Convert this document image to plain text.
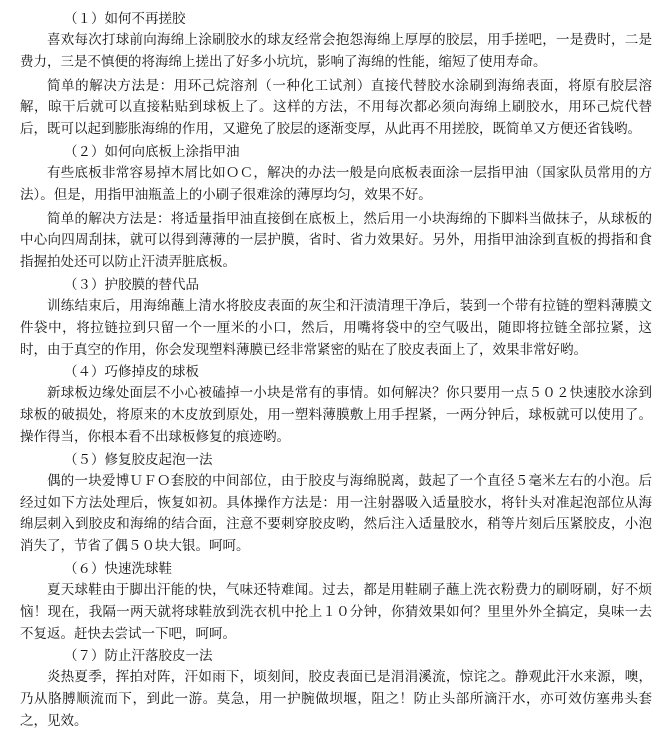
（１）如何不再搓胶

喜欢每次打球前向海绵上涂刷胶水的球友经常会抱怨海绵上厚厚的胶层，用手搓吧，一是费时，二是费力，三是不慎便的将海绵上搓出了好多小坑坑，影响了海绵的性能，缩短了使用寿命。

简单的解决方法是：用环己烷溶剂（一种化工试剂）直接代替胶水涂刷到海绵表面，将原有胶层溶解，晾干后就可以直接粘贴到球板上了。这样的方法，不用每次都必须向海绵上刷胶水，用环己烷代替后，既可以起到膨胀海绵的作用，又避免了胶层的逐渐变厚，从此再不用搓胶，既简单又方便还省钱哟。

（２）如何向底板上涂指甲油

有些底板非常容易掉木屑比如ＯＣ，解决的办法一般是向底板表面涂一层指甲油（国家队员常用的方法）。但是，用指甲油瓶盖上的小刷子很难涂的薄厚均匀，效果不好。

简单的解决方法是：将适量指甲油直接倒在底板上，然后用一小块海绵的下脚料当做抹子，从球板的中心向四周刮抹，就可以得到薄薄的一层护膜，省时、省力效果好。另外，用指甲油涂到直板的拇指和食指握拍处还可以防止汗渍弄脏底板。

（３）护胶膜的替代品

训练结束后，用海绵蘸上清水将胶皮表面的灰尘和汗渍清理干净后，装到一个带有拉链的塑料薄膜文件袋中，将拉链拉到只留一个一厘米的小口，然后，用嘴将袋中的空气吸出，随即将拉链全部拉紧，这时，由于真空的作用，你会发现塑料薄膜已经非常紧密的贴在了胶皮表面上了，效果非常好哟。

（４）巧修掉皮的球板

新球板边缘处面层不小心被磕掉一小块是常有的事情。如何解决？你只要用一点５０２快速胶水涂到球板的破损处，将原来的木皮放到原处，用一塑料薄膜敷上用手捏紧，一两分钟后，球板就可以使用了。操作得当，你根本看不出球板修复的痕迹哟。

（５）修复胶皮起泡一法

偶的一块爱博ＵＦＯ套胶的中间部位，由于胶皮与海绵脱离，鼓起了一个直径５毫米左右的小泡。后经过如下方法处理后，恢复如初。具体操作方法是：用一注射器吸入适量胶水，将针头对准起泡部位从海绵层刺入到胶皮和海绵的结合面，注意不要刺穿胶皮哟，然后注入适量胶水，稍等片刻后压紧胶皮，小泡消失了，节省了偶５０块大银。呵呵。

（６）快速洗球鞋

夏天球鞋由于脚出汗能的快，气味还特难闻。过去，都是用鞋刷子蘸上洗衣粉费力的刷呀刷，好不烦恼！现在，我隔一两天就将球鞋放到洗衣机中抡上１０分钟，你猜效果如何？里里外外全搞定，臭味一去不复返。赶快去尝试一下吧，呵呵。

（７）防止汗落胶皮一法

炎热夏季，挥拍对阵，汗如雨下，顷刻间，胶皮表面已是涓涓溪流，惊诧之。静观此汗水来源，噢，乃从胳膊顺流而下，到此一游。莫急，用一护腕做坝堰，阻之！防止头部所滴汗水，亦可效仿塞弗头套之，见效。
